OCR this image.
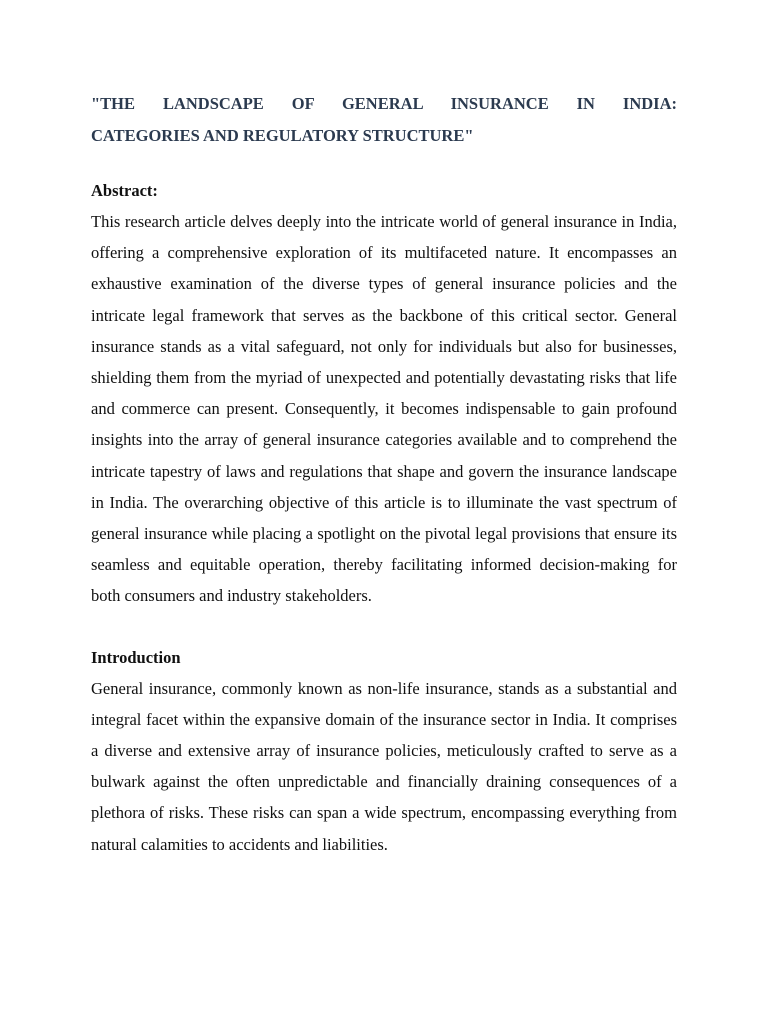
"THE LANDSCAPE OF GENERAL INSURANCE IN INDIA:
CATEGORIES AND REGULATORY STRUCTURE"
Abstract:

This research article delves deeply into the intricate world of general insurance in India, offering a comprehensive exploration of its multifaceted nature. It encompasses an exhaustive examination of the diverse types of general insurance policies and the intricate legal framework that serves as the backbone of this critical sector. General insurance stands as a vital safeguard, not only for individuals but also for businesses, shielding them from the myriad of unexpected and potentially devastating risks that life and commerce can present. Consequently, it becomes indispensable to gain profound insights into the array of general insurance categories available and to comprehend the intricate tapestry of laws and regulations that shape and govern the insurance landscape in India. The overarching objective of this article is to illuminate the vast spectrum of general insurance while placing a spotlight on the pivotal legal provisions that ensure its seamless and equitable operation, thereby facilitating informed decision-making for both consumers and industry stakeholders.

Introduction

General insurance, commonly known as non-life insurance, stands as a substantial and integral facet within the expansive domain of the insurance sector in India. It comprises a diverse and extensive array of insurance policies, meticulously crafted to serve as a bulwark against the often unpredictable and financially draining consequences of a plethora of risks. These risks can span a wide spectrum, encompassing everything from natural calamities to accidents and liabilities.
